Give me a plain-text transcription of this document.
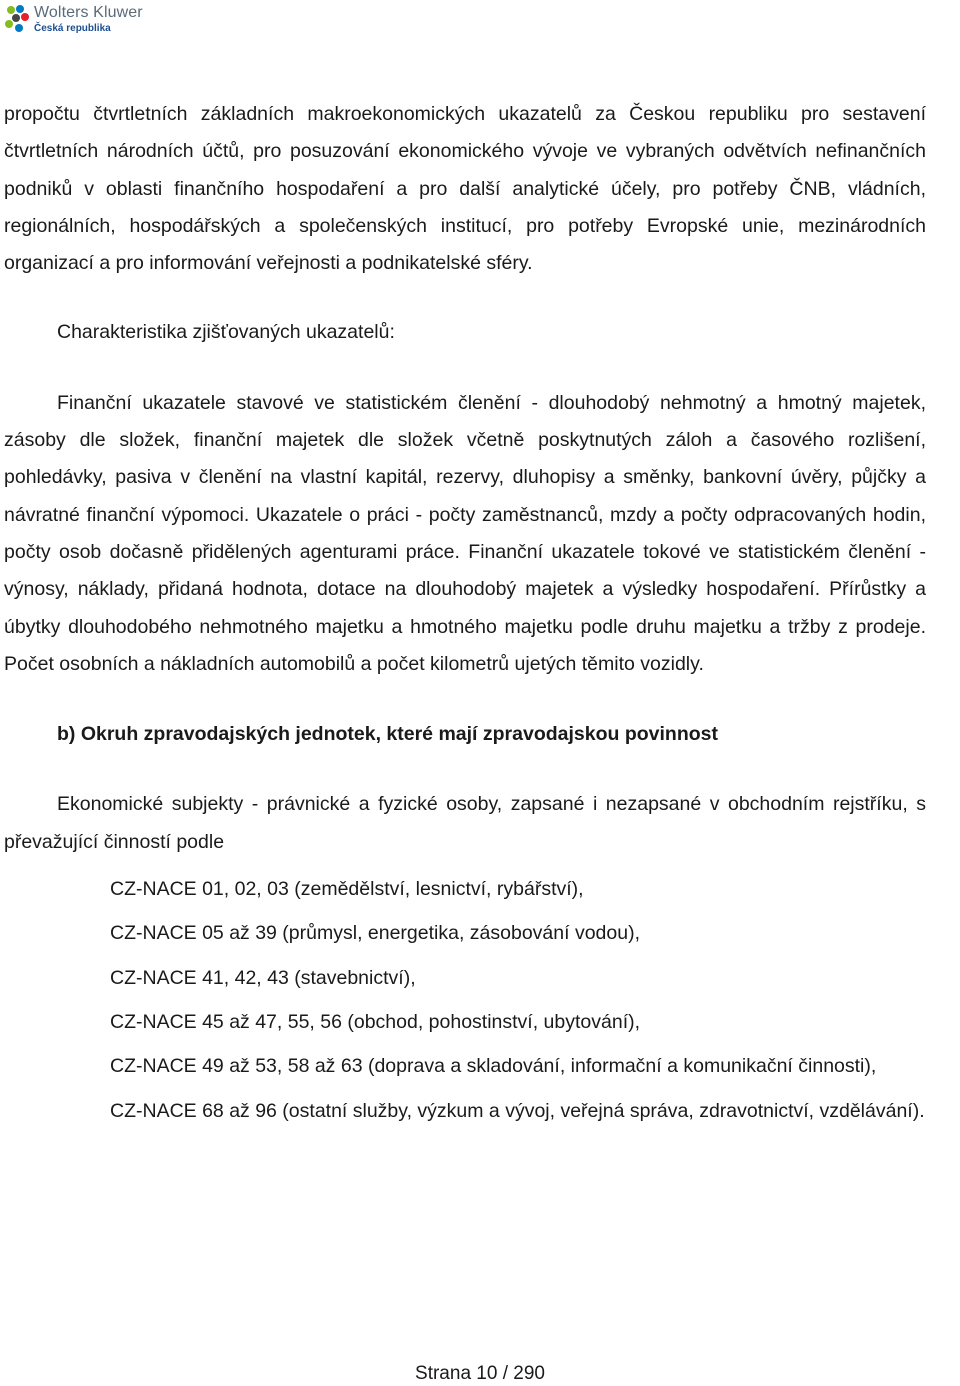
Wolters Kluwer
Česká republika

propočtu čtvrtletních základních makroekonomických ukazatelů za Českou republiku pro sestavení čtvrtletních národních účtů, pro posuzování ekonomického vývoje ve vybraných odvětvích nefinančních podniků v oblasti finančního hospodaření a pro další analytické účely, pro potřeby ČNB, vládních, regionálních, hospodářských a společenských institucí, pro potřeby Evropské unie, mezinárodních organizací a pro informování veřejnosti a podnikatelské sféry.

Charakteristika zjišťovaných ukazatelů:

Finanční ukazatele stavové ve statistickém členění - dlouhodobý nehmotný a hmotný majetek, zásoby dle složek, finanční majetek dle složek včetně poskytnutých záloh a časového rozlišení, pohledávky, pasiva v členění na vlastní kapitál, rezervy, dluhopisy a směnky, bankovní úvěry, půjčky a návratné finanční výpomoci. Ukazatele o práci - počty zaměstnanců, mzdy a počty odpracovaných hodin, počty osob dočasně přidělených agenturami práce. Finanční ukazatele tokové ve statistickém členění - výnosy, náklady, přidaná hodnota, dotace na dlouhodobý majetek a výsledky hospodaření. Přírůstky a úbytky dlouhodobého nehmotného majetku a hmotného majetku podle druhu majetku a tržby z prodeje. Počet osobních a nákladních automobilů a počet kilometrů ujetých těmito vozidly.

b) Okruh zpravodajských jednotek, které mají zpravodajskou povinnost

Ekonomické subjekty - právnické a fyzické osoby, zapsané i nezapsané v obchodním rejstříku, s převažující činností podle

CZ-NACE 01, 02, 03 (zemědělství, lesnictví, rybářství),
CZ-NACE 05 až 39 (průmysl, energetika, zásobování vodou),
CZ-NACE 41, 42, 43 (stavebnictví),
CZ-NACE 45 až 47, 55, 56 (obchod, pohostinství, ubytování),
CZ-NACE 49 až 53, 58 až 63 (doprava a skladování, informační a komunikační činnosti),
CZ-NACE 68 až 96 (ostatní služby, výzkum a vývoj, veřejná správa, zdravotnictví, vzdělávání).
Strana 10 / 290
